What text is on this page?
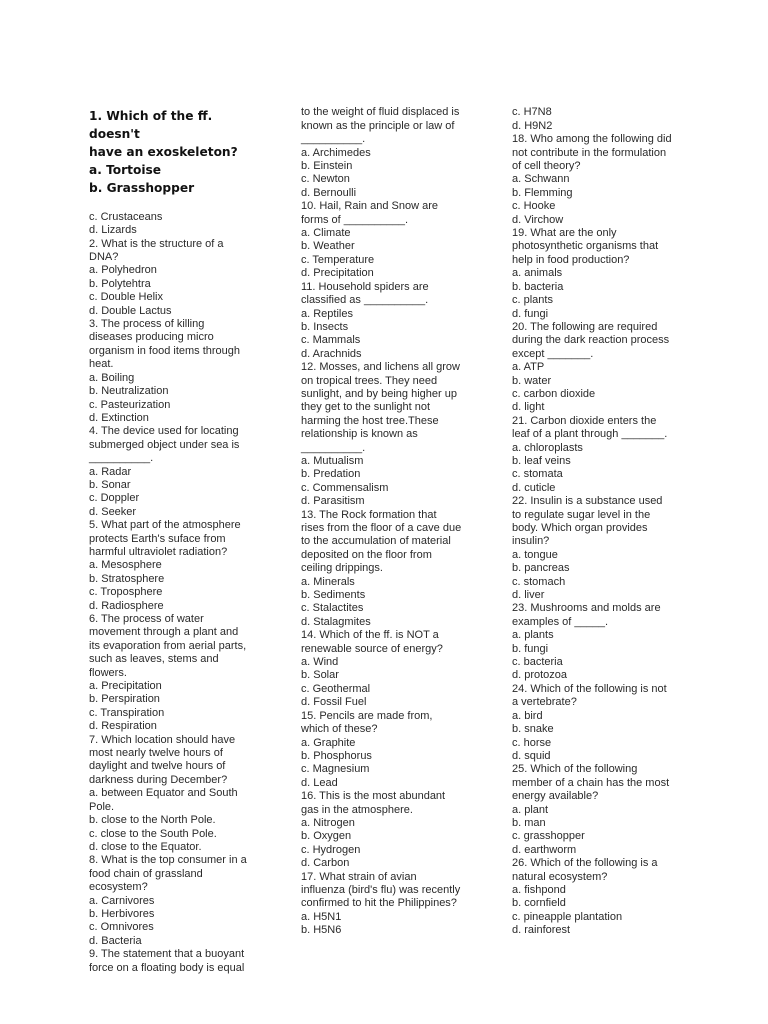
1. Which of the ff. doesn't
have an exoskeleton?
a. Tortoise
b. Grasshopper

c. Crustaceans
d. Lizards
2. What is the structure of a
DNA?
a. Polyhedron
b. Polytehtra
c. Double Helix
d. Double Lactus
3. The process of killing
diseases producing micro
organism in food items through
heat.
a. Boiling
b. Neutralization
c. Pasteurization
d. Extinction
4. The device used for locating
submerged object under sea is
__________.
a. Radar
b. Sonar
c. Doppler
d. Seeker
5. What part of the atmosphere
protects Earth's suface from
harmful ultraviolet radiation?
a. Mesosphere
b. Stratosphere
c. Troposphere
d. Radiosphere
6. The process of water
movement through a plant and
its evaporation from aerial parts,
such as leaves, stems and
flowers.
a. Precipitation
b. Perspiration
c. Transpiration
d. Respiration
7. Which location should have
most nearly twelve hours of
daylight and twelve hours of
darkness during December?
a. between Equator and South
Pole.
b. close to the North Pole.
c. close to the South Pole.
d. close to the Equator.
8. What is the top consumer in a
food chain of grassland
ecosystem?
a. Carnivores
b. Herbivores
c. Omnivores
d. Bacteria
9. The statement that a buoyant
force on a floating body is equal

to the weight of fluid displaced is
known as the principle or law of
__________.
a. Archimedes
b. Einstein
c. Newton
d. Bernoulli
10. Hail, Rain and Snow are
forms of __________.
a. Climate
b. Weather
c. Temperature
d. Precipitation
11. Household spiders are
classified as __________.
a. Reptiles
b. Insects
c. Mammals
d. Arachnids
12. Mosses, and lichens all grow
on tropical trees. They need
sunlight, and by being higher up
they get to the sunlight not
harming the host tree.These
relationship is known as
__________.
a. Mutualism
b. Predation
c. Commensalism
d. Parasitism
13. The Rock formation that
rises from the floor of a cave due
to the accumulation of material
deposited on the floor from
ceiling drippings.
a. Minerals
b. Sediments
c. Stalactites
d. Stalagmites
14. Which of the ff. is NOT a
renewable source of energy?
a. Wind
b. Solar
c. Geothermal
d. Fossil Fuel
15. Pencils are made from,
which of these?
a. Graphite
b. Phosphorus
c. Magnesium
d. Lead
16. This is the most abundant
gas in the atmosphere.
a. Nitrogen
b. Oxygen
c. Hydrogen
d. Carbon
17. What strain of avian
influenza (bird's flu) was recently
confirmed to hit the Philippines?
a. H5N1
b. H5N6

c. H7N8
d. H9N2
18. Who among the following did
not contribute in the formulation
of cell theory?
a. Schwann
b. Flemming
c. Hooke
d. Virchow
19. What are the only
photosynthetic organisms that
help in food production?
a. animals
b. bacteria
c. plants
d. fungi
20. The following are required
during the dark reaction process
except _______.
a. ATP
b. water
c. carbon dioxide
d. light
21. Carbon dioxide enters the
leaf of a plant through _______.
a. chloroplasts
b. leaf veins
c. stomata
d. cuticle
22. Insulin is a substance used
to regulate sugar level in the
body. Which organ provides
insulin?
a. tongue
b. pancreas
c. stomach
d. liver
23. Mushrooms and molds are
examples of _____.
a. plants
b. fungi
c. bacteria
d. protozoa
24. Which of the following is not
a vertebrate?
a. bird
b. snake
c. horse
d. squid
25. Which of the following
member of a chain has the most
energy available?
a. plant
b. man
c. grasshopper
d. earthworm
26. Which of the following is a
natural ecosystem?
a. fishpond
b. cornfield
c. pineapple plantation
d. rainforest
